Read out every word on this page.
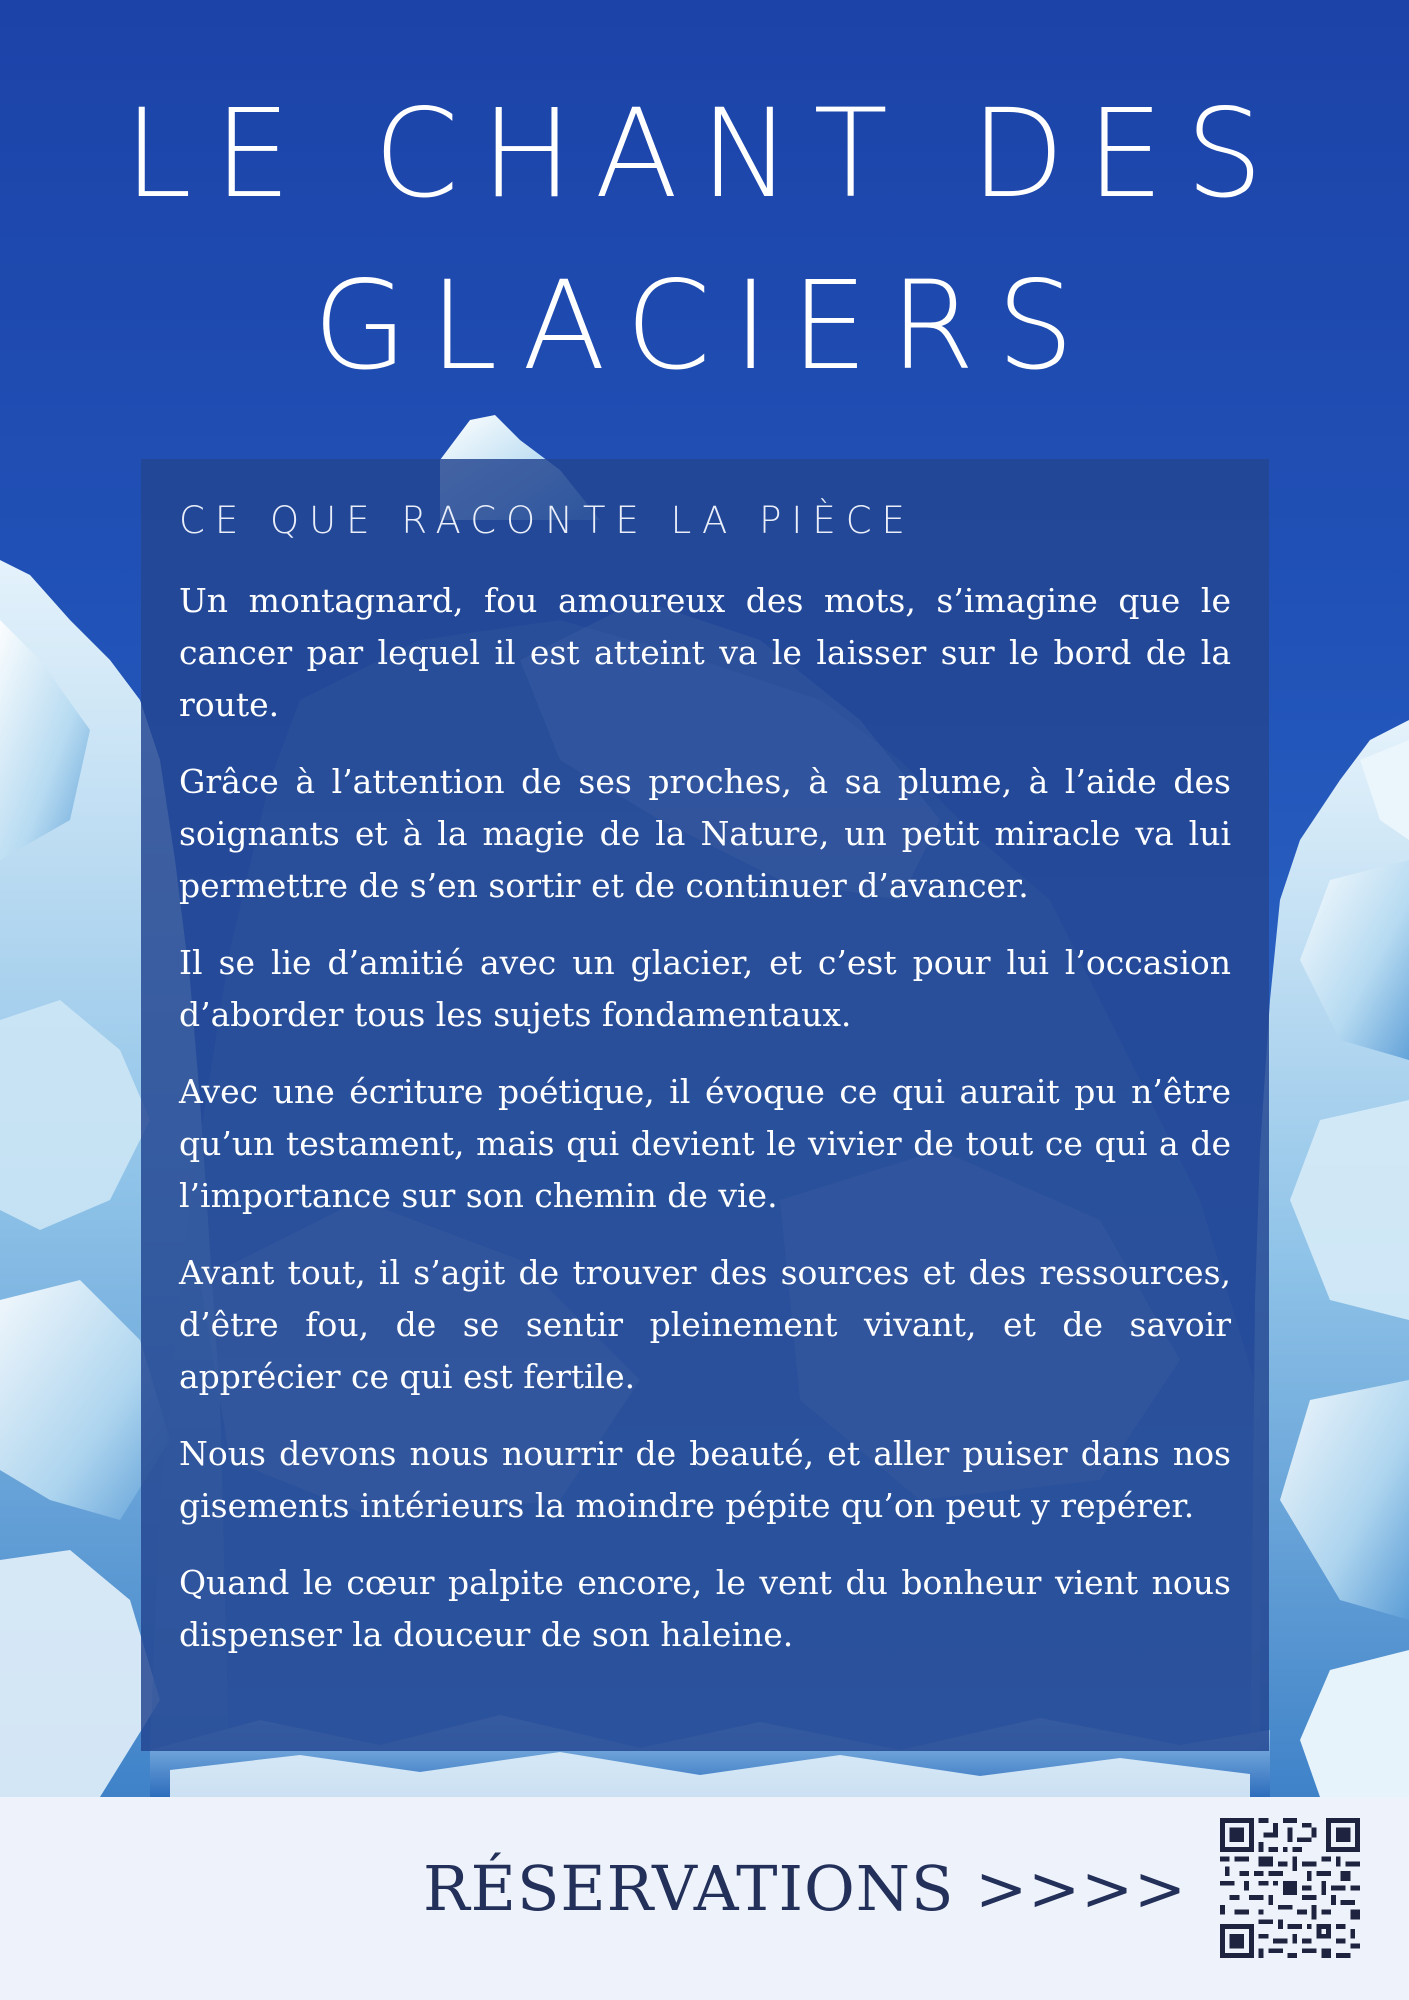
LE CHANT DES
GLACIERS
CE QUE RACONTE LA PIÈCE

Un montagnard, fou amoureux des mots, s’imagine que le cancer par lequel il est atteint va le laisser sur le bord de la route.

Grâce à l’attention de ses proches, à sa plume, à l’aide des soignants et à la magie de la Nature, un petit miracle va lui permettre de s’en sortir et de continuer d’avancer.

Il se lie d’amitié avec un glacier, et c’est pour lui l’occasion d’aborder tous les sujets fondamentaux.

Avec une écriture poétique, il évoque ce qui aurait pu n’être qu’un testament, mais qui devient le vivier de tout ce qui a de l’importance sur son chemin de vie.

Avant tout, il s’agit de trouver des sources et des ressources, d’être fou, de se sentir pleinement vivant, et de savoir apprécier ce qui est fertile.

Nous devons nous nourrir de beauté, et aller puiser dans nos gisements intérieurs la moindre pépite qu’on peut y repérer.

Quand le cœur palpite encore, le vent du bonheur vient nous dispenser la douceur de son haleine.

RÉSERVATIONS >>>>
